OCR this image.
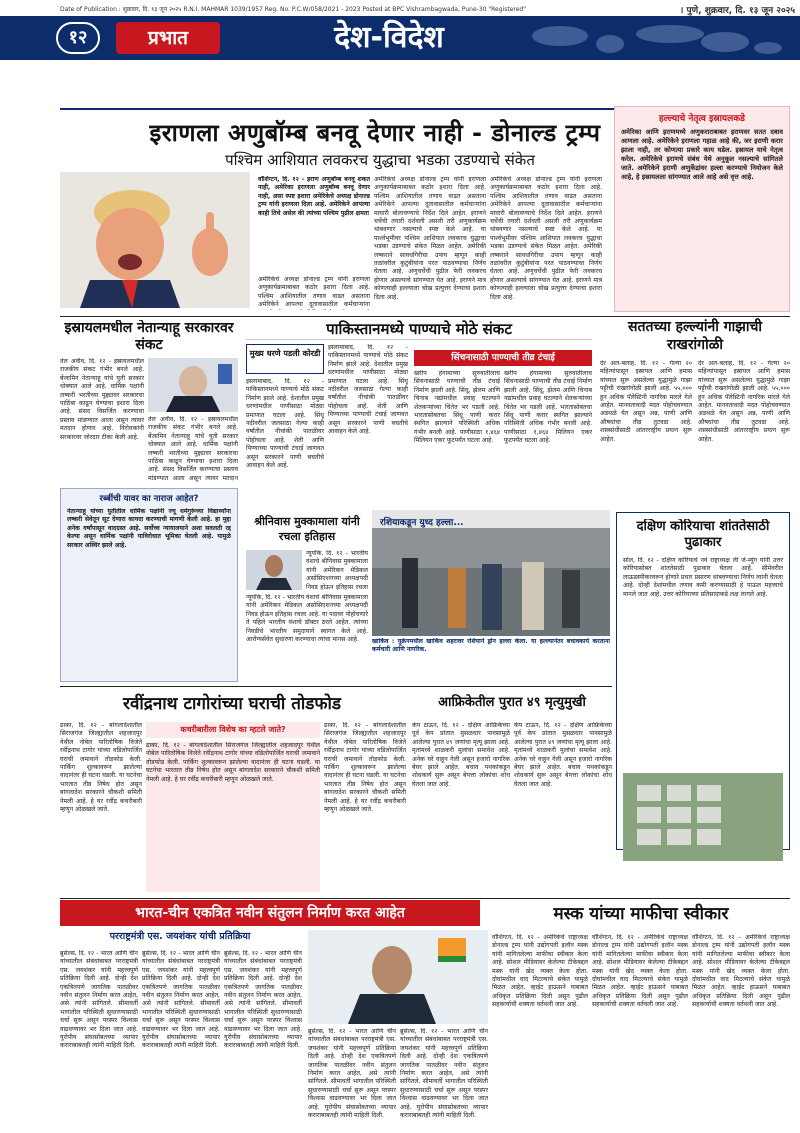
Date of Publication : शुक्रवार, दि. १३ जून २०२५ R.N.I. MAHMAR 1039/1957 Reg. No. P.C.W/058/2021 - 2023 Posted at BPC Vishrambagwada, Pune-30 "Registered"	। पुणे, शुक्रवार, दि. १३ जून २०२५
१२	प्रभात	देश-विदेश
इराणला अणुबॉम्ब बनवू देणार नाही - डोनाल्ड ट्रम्प
पश्चिम आशियात लवकरच युद्धाचा भडका उडण्याचे संकेत
वॉशिंग्टन, दि. १२ - इराण अणुबॉम्ब बनवू शकत नाही, अमेरिका इराणला अणुबॉम्ब बनवू देणार नाही, असा स्पष्ट इशारा अमेरिकेचे अध्यक्ष डोनाल्ड ट्रम्प यांनी इराणला दिला आहे. अमेरिकेने आपल्या काही तिथे असेल की त्यांच्या पश्चिम पुढील क्षमता
अमेरिकेचे अध्यक्ष डोनाल्ड ट्रम्प यांनी इराणला अणुकार्यक्रमाबाबत कठोर इशारा दिला आहे. पश्चिम आशियातील तणाव वाढत असताना अमेरिकेने आपल्या दूतावासातील कर्मचाऱ्यांना
अमेरिकेचे अध्यक्ष डोनाल्ड ट्रम्प यांनी इराणला अणुकार्यक्रमाबाबत कठोर इशारा दिला आहे. पश्चिम आशियातील तणाव वाढत असताना अमेरिकेने आपल्या दूतावासातील कर्मचाऱ्यांना माघारी बोलावण्याचे निर्देश दिले आहेत. इराणने चर्चेची तयारी दर्शवली असली तरी अणुकार्यक्रम थांबवणार नसल्याचे स्पष्ट केले आहे. या पार्श्वभूमीवर पश्चिम आशियात लवकरच युद्धाचा भडका उडण्याचे संकेत मिळत आहेत. अमेरिकी लष्कराने सावधगिरीचा उपाय म्हणून काही तळांवरील कुटुंबीयांना परत पाठवण्याचा निर्णय घेतला आहे. अणुचर्चेची पुढील फेरी लवकरच होणार असल्याचे सांगण्यात येत आहे. इराणने मात्र कोणत्याही हल्ल्याला चोख प्रत्युत्तर देण्याचा इशारा दिला आहे.
अमेरिकेचे अध्यक्ष डोनाल्ड ट्रम्प यांनी इराणला अणुकार्यक्रमाबाबत कठोर इशारा दिला आहे. पश्चिम आशियातील तणाव वाढत असताना अमेरिकेने आपल्या दूतावासातील कर्मचाऱ्यांना माघारी बोलावण्याचे निर्देश दिले आहेत. इराणने चर्चेची तयारी दर्शवली असली तरी अणुकार्यक्रम थांबवणार नसल्याचे स्पष्ट केले आहे. या पार्श्वभूमीवर पश्चिम आशियात लवकरच युद्धाचा भडका उडण्याचे संकेत मिळत आहेत. अमेरिकी लष्कराने सावधगिरीचा उपाय म्हणून काही तळांवरील कुटुंबीयांना परत पाठवण्याचा निर्णय घेतला आहे. अणुचर्चेची पुढील फेरी लवकरच होणार असल्याचे सांगण्यात येत आहे. इराणने मात्र कोणत्याही हल्ल्याला चोख प्रत्युत्तर देण्याचा इशारा दिला आहे.
हल्ल्याचे नेतृत्व इस्रायलकडे
अमेरिका आणि इराणमध्ये अणुकराराबाबत इराणवर सतत दबाव आणला आहे. अमेरिकेने इराणला गहाळ आहे की, जर इराणी करार झाला नाही, तर कोणत्या प्रकारे काय घडेल. इस्रायल याचे नेतृत्व करेल. अमेरिकेचे इराणचे संबंध येथे अनुकूल नसल्याचे सांगितले जाते. अमेरिकेने इराणी अणुकेंद्रांवर हल्ला करण्याचे नियोजन केले आहे, हे इस्रायलला सांगण्यात आले आहे असे वृत्त आहे.
इस्रायलमधील नेतान्याहू सरकारवर संकट
तेल अवीव, दि. १२ - इस्रायलमधील राजकीय संकट गंभीर बनले आहे. बेंजामिन नेतान्याहू यांचे युती सरकार धोक्यात आले आहे. धार्मिक पक्षांनी लष्करी भरतीच्या मुद्द्यावर सरकारचा पाठिंबा काढून घेण्याचा इशारा दिला आहे. संसद विसर्जित करण्याचा प्रस्ताव मांडण्यात आला असून त्यावर मतदान होणार आहे. विरोधकांनी सरकारवर जोरदार टीका केली आहे.
तेल अवीव, दि. १२ - इस्रायलमधील राजकीय संकट गंभीर बनले आहे. बेंजामिन नेतान्याहू यांचे युती सरकार धोक्यात आले आहे. धार्मिक पक्षांनी लष्करी भरतीच्या मुद्द्यावर सरकारचा पाठिंबा काढून घेण्याचा इशारा दिला आहे. संसद विसर्जित करण्याचा प्रस्ताव मांडण्यात आला असून त्यावर मतदान
रब्बींची यावर का नाराज आहेत?
नेतान्याहू यांच्या युतीतील धार्मिक पक्षांनी ज्यू धर्मगुरूंच्या विद्यार्थ्यांना लष्करी सेवेतून सूट देणारा कायदा करण्याची मागणी केली आहे. हा मुद्दा अनेक वर्षांपासून वादग्रस्त आहे. सर्वोच्च न्यायालयाने अशा सवलती रद्द केल्या असून धार्मिक पक्षांनी याविरोधात भूमिका घेतली आहे. यामुळे सरकार अस्थिर झाले आहे.
पाकिस्तानमध्ये पाण्याचे मोठे संकट
मुख्य धरणे पडली कोरडी
इस्लामाबाद, दि. १२ - पाकिस्तानमध्ये पाण्याचे मोठे संकट निर्माण झाले आहे. देशातील प्रमुख धरणांमधील पाणीसाठा मोठ्या प्रमाणात घटला आहे. सिंधू नदीवरील जलसाठा गेल्या काही वर्षांतील नीचांकी पातळीवर पोहोचला आहे. शेती आणि पिण्याच्या पाण्याची टंचाई जाणवत असून सरकारने पाणी बचतीचे आवाहन केले आहे.
इस्लामाबाद, दि. १२ - पाकिस्तानमध्ये पाण्याचे मोठे संकट निर्माण झाले आहे. देशातील प्रमुख धरणांमधील पाणीसाठा मोठ्या प्रमाणात घटला आहे. सिंधू नदीवरील जलसाठा गेल्या काही वर्षांतील नीचांकी पातळीवर पोहोचला आहे. शेती आणि पिण्याच्या पाण्याची टंचाई जाणवत असून सरकारने पाणी बचतीचे आवाहन केले आहे.
सिंचनासाठी पाण्याची तीव्र टंचाई
खरीप हंगामाच्या सुरुवातीलाच सिंचनासाठी पाण्याची तीव्र टंचाई निर्माण झाली आहे. सिंधू, झेलम आणि चिनाब नद्यांमधील प्रवाह घटल्याने शेतकऱ्यांच्या चिंतेत भर पडली आहे. भारतासोबतचा सिंधू पाणी करार स्थगित झाल्याने परिस्थिती अधिक गंभीर बनली आहे. पाणीसाठा १,४६४ मिलियन एकर फूटपर्यंत घटला आहे.
खरीप हंगामाच्या सुरुवातीलाच सिंचनासाठी पाण्याची तीव्र टंचाई निर्माण झाली आहे. सिंधू, झेलम आणि चिनाब नद्यांमधील प्रवाह घटल्याने शेतकऱ्यांच्या चिंतेत भर पडली आहे. भारतासोबतचा सिंधू पाणी करार स्थगित झाल्याने परिस्थिती अधिक गंभीर बनली आहे. पाणीसाठा १,४६४ मिलियन एकर फूटपर्यंत घटला आहे.
सततच्या हल्ल्यांनी गाझाची राखरांगोळी
देर अल-बलाह, दि. १२ - गेल्या २० महिन्यांपासून इस्रायल आणि हमास यांच्यात सुरू असलेल्या युद्धामुळे गाझा पट्टीची राखरांगोळी झाली आहे. ५५,००० हून अधिक पॅलेस्टिनी नागरिक मारले गेले आहेत. मानवतावादी मदत पोहोचवण्यात अडथळे येत असून अन्न, पाणी आणि औषधांचा तीव्र तुटवडा आहे. शस्त्रसंधीसाठी आंतरराष्ट्रीय प्रयत्न सुरू आहेत.
देर अल-बलाह, दि. १२ - गेल्या २० महिन्यांपासून इस्रायल आणि हमास यांच्यात सुरू असलेल्या युद्धामुळे गाझा पट्टीची राखरांगोळी झाली आहे. ५५,००० हून अधिक पॅलेस्टिनी नागरिक मारले गेले आहेत. मानवतावादी मदत पोहोचवण्यात अडथळे येत असून अन्न, पाणी आणि औषधांचा तीव्र तुटवडा आहे. शस्त्रसंधीसाठी आंतरराष्ट्रीय प्रयत्न सुरू आहेत.
श्रीनिवास मुक्कामाला यांनी रचला इतिहास
न्यूयॉर्क, दि. १२ - भारतीय वंशाचे श्रीनिवास मुक्कामाला यांनी अमेरिकन मेडिकल असोसिएशनच्या अध्यक्षपदी निवड होऊन इतिहास रचला
न्यूयॉर्क, दि. १२ - भारतीय वंशाचे श्रीनिवास मुक्कामाला यांनी अमेरिकन मेडिकल असोसिएशनच्या अध्यक्षपदी निवड होऊन इतिहास रचला आहे. या पदावर पोहोचणारे ते पहिले भारतीय वंशाचे डॉक्टर ठरले आहेत. त्यांच्या निवडीचे भारतीय समुदायाने स्वागत केले आहे. आरोग्यसेवेत सुधारणा करण्याचा त्यांचा मानस आहे.
रशियाकडून युध्द हल्ला...
खार्किव : युक्रेनमधील खार्किव शहरावर रशियाने ड्रोन हल्ला केला. या हल्ल्यानंतर बचावकार्य करताना कर्मचारी आणि नागरिक.
दक्षिण कोरियाचा शांततेसाठी पुढाकार
सोल, दि. १२ - दक्षिण कोरियाचे नवे राष्ट्राध्यक्ष ली जे-म्युंग यांनी उत्तर कोरियासोबत शांततेसाठी पुढाकार घेतला आहे. सीमेवरील लाऊडस्पीकरवरून होणारे प्रचार प्रसारण थांबवण्याचा निर्णय त्यांनी घेतला आहे. दोन्ही देशांमधील तणाव कमी करण्यासाठी हे पाऊल महत्त्वाचे मानले जात आहे. उत्तर कोरियाच्या प्रतिसादाकडे लक्ष लागले आहे.
रवींद्रनाथ टागोरांच्या घराची तोडफोड
ढाका, दि. १२ - बांगलादेशातील सिराजगंज जिल्ह्यातील शहजादपूर येथील नोबेल पारितोषिक विजेते रवींद्रनाथ टागोर यांच्या वडिलोपार्जित घराची जमावाने तोडफोड केली. पार्किंग शुल्कावरून झालेल्या वादानंतर ही घटना घडली. या घटनेचा भारतात तीव्र निषेध होत असून बांगलादेश सरकारने चौकशी समिती नेमली आहे. हे घर रवींद्र कचरीबारी म्हणून ओळखले जाते.
कचरीबारीला विशेष का म्हटले जाते?
ढाका, दि. १२ - बांगलादेशातील सिराजगंज जिल्ह्यातील शहजादपूर येथील नोबेल पारितोषिक विजेते रवींद्रनाथ टागोर यांच्या वडिलोपार्जित घराची जमावाने तोडफोड केली. पार्किंग शुल्कावरून झालेल्या वादानंतर ही घटना घडली. या घटनेचा भारतात तीव्र निषेध होत असून बांगलादेश सरकारने चौकशी समिती नेमली आहे. हे घर रवींद्र कचरीबारी म्हणून ओळखले जाते.
ढाका, दि. १२ - बांगलादेशातील सिराजगंज जिल्ह्यातील शहजादपूर येथील नोबेल पारितोषिक विजेते रवींद्रनाथ टागोर यांच्या वडिलोपार्जित घराची जमावाने तोडफोड केली. पार्किंग शुल्कावरून झालेल्या वादानंतर ही घटना घडली. या घटनेचा भारतात तीव्र निषेध होत असून बांगलादेश सरकारने चौकशी समिती नेमली आहे. हे घर रवींद्र कचरीबारी म्हणून ओळखले जाते.
आफ्रिकेतील पुरात ४९ मृत्युमुखी
केप टाऊन, दि. १२ - दक्षिण आफ्रिकेच्या पूर्व केप प्रांतात मुसळधार पावसामुळे आलेल्या पुरात ४९ जणांचा मृत्यू झाला आहे. मृतांमध्ये शाळकरी मुलांचा समावेश आहे. अनेक घरे वाहून गेली असून हजारो नागरिक बेघर झाले आहेत. बचाव पथकांकडून शोधकार्य सुरू असून बेपत्ता लोकांचा शोध घेतला जात आहे.
केप टाऊन, दि. १२ - दक्षिण आफ्रिकेच्या पूर्व केप प्रांतात मुसळधार पावसामुळे आलेल्या पुरात ४९ जणांचा मृत्यू झाला आहे. मृतांमध्ये शाळकरी मुलांचा समावेश आहे. अनेक घरे वाहून गेली असून हजारो नागरिक बेघर झाले आहेत. बचाव पथकांकडून शोधकार्य सुरू असून बेपत्ता लोकांचा शोध घेतला जात आहे.
भारत-चीन एकत्रित नवीन संतुलन निर्माण करत आहेत
परराष्ट्रमंत्री एस. जयशंकर यांची प्रतिक्रिया
ब्रुसेल्स, दि. १२ - भारत आणि चीन यांच्यातील संबंधांबाबत परराष्ट्रमंत्री एस. जयशंकर यांनी महत्त्वपूर्ण प्रतिक्रिया दिली आहे. दोन्ही देश एकत्रितपणे जागतिक पातळीवर नवीन संतुलन निर्माण करत आहेत, असे त्यांनी सांगितले. सीमावर्ती भागातील परिस्थिती सुधारण्यासाठी चर्चा सुरू असून परस्पर विश्वास वाढवण्यावर भर दिला जात आहे. युरोपीय संघासोबतच्या व्यापार कराराबाबतही त्यांनी माहिती दिली.
ब्रुसेल्स, दि. १२ - भारत आणि चीन यांच्यातील संबंधांबाबत परराष्ट्रमंत्री एस. जयशंकर यांनी महत्त्वपूर्ण प्रतिक्रिया दिली आहे. दोन्ही देश एकत्रितपणे जागतिक पातळीवर नवीन संतुलन निर्माण करत आहेत, असे त्यांनी सांगितले. सीमावर्ती भागातील परिस्थिती सुधारण्यासाठी चर्चा सुरू असून परस्पर विश्वास वाढवण्यावर भर दिला जात आहे. युरोपीय संघासोबतच्या व्यापार कराराबाबतही त्यांनी माहिती दिली.
ब्रुसेल्स, दि. १२ - भारत आणि चीन यांच्यातील संबंधांबाबत परराष्ट्रमंत्री एस. जयशंकर यांनी महत्त्वपूर्ण प्रतिक्रिया दिली आहे. दोन्ही देश एकत्रितपणे जागतिक पातळीवर नवीन संतुलन निर्माण करत आहेत, असे त्यांनी सांगितले. सीमावर्ती भागातील परिस्थिती सुधारण्यासाठी चर्चा सुरू असून परस्पर विश्वास वाढवण्यावर भर दिला जात आहे. युरोपीय संघासोबतच्या व्यापार कराराबाबतही त्यांनी माहिती दिली.
ब्रुसेल्स, दि. १२ - भारत आणि चीन यांच्यातील संबंधांबाबत परराष्ट्रमंत्री एस. जयशंकर यांनी महत्त्वपूर्ण प्रतिक्रिया दिली आहे. दोन्ही देश एकत्रितपणे जागतिक पातळीवर नवीन संतुलन निर्माण करत आहेत, असे त्यांनी सांगितले. सीमावर्ती भागातील परिस्थिती सुधारण्यासाठी चर्चा सुरू असून परस्पर विश्वास वाढवण्यावर भर दिला जात आहे. युरोपीय संघासोबतच्या व्यापार कराराबाबतही त्यांनी माहिती दिली.
ब्रुसेल्स, दि. १२ - भारत आणि चीन यांच्यातील संबंधांबाबत परराष्ट्रमंत्री एस. जयशंकर यांनी महत्त्वपूर्ण प्रतिक्रिया दिली आहे. दोन्ही देश एकत्रितपणे जागतिक पातळीवर नवीन संतुलन निर्माण करत आहेत, असे त्यांनी सांगितले. सीमावर्ती भागातील परिस्थिती सुधारण्यासाठी चर्चा सुरू असून परस्पर विश्वास वाढवण्यावर भर दिला जात आहे. युरोपीय संघासोबतच्या व्यापार कराराबाबतही त्यांनी माहिती दिली.
मस्क यांच्या माफीचा स्वीकार
वॉशिंग्टन, दि. १२ - अमेरिकेचे राष्ट्राध्यक्ष डोनाल्ड ट्रम्प यांनी उद्योगपती इलॉन मस्क यांनी मागितलेल्या माफीचा स्वीकार केला आहे. सोशल मीडियावर केलेल्या टीकेबद्दल मस्क यांनी खेद व्यक्त केला होता. दोघांमधील वाद मिटल्याचे संकेत यामुळे मिळत आहेत. व्हाईट हाऊसने याबाबत अधिकृत प्रतिक्रिया दिली असून पुढील सहकार्याची शक्यता वर्तवली जात आहे.
वॉशिंग्टन, दि. १२ - अमेरिकेचे राष्ट्राध्यक्ष डोनाल्ड ट्रम्प यांनी उद्योगपती इलॉन मस्क यांनी मागितलेल्या माफीचा स्वीकार केला आहे. सोशल मीडियावर केलेल्या टीकेबद्दल मस्क यांनी खेद व्यक्त केला होता. दोघांमधील वाद मिटल्याचे संकेत यामुळे मिळत आहेत. व्हाईट हाऊसने याबाबत अधिकृत प्रतिक्रिया दिली असून पुढील सहकार्याची शक्यता वर्तवली जात आहे.
वॉशिंग्टन, दि. १२ - अमेरिकेचे राष्ट्राध्यक्ष डोनाल्ड ट्रम्प यांनी उद्योगपती इलॉन मस्क यांनी मागितलेल्या माफीचा स्वीकार केला आहे. सोशल मीडियावर केलेल्या टीकेबद्दल मस्क यांनी खेद व्यक्त केला होता. दोघांमधील वाद मिटल्याचे संकेत यामुळे मिळत आहेत. व्हाईट हाऊसने याबाबत अधिकृत प्रतिक्रिया दिली असून पुढील सहकार्याची शक्यता वर्तवली जात आहे.
